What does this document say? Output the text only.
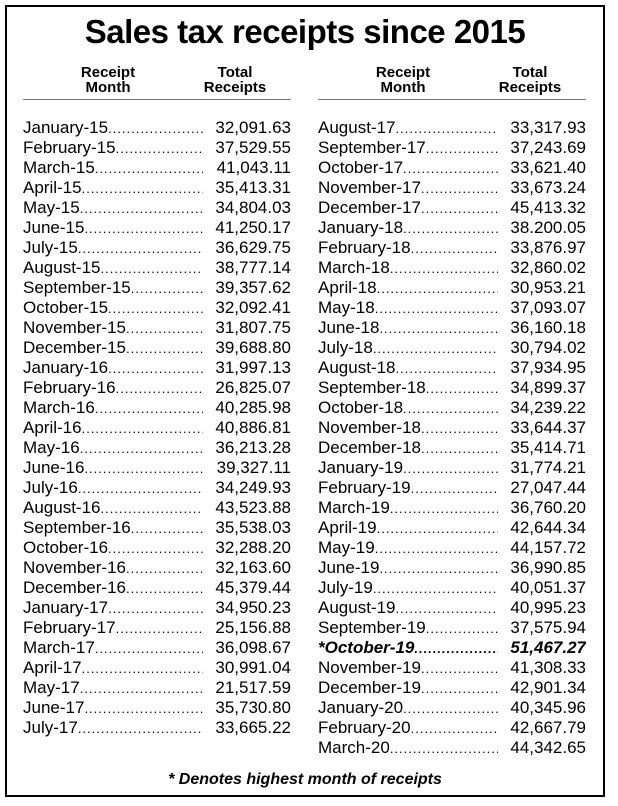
Sales tax receipts since 2015
Receipt
Month
Total
Receipts
January-15 .....	32,091.63
February-15 .....	37,529.55
March-15 .....	41,043.11
April-15 .....	35,413.31
May-15 .....	34,804.03
June-15 .....	41,250.17
July-15 .....	36,629.75
August-15 .....	38,777.14
September-15 .....	39,357.62
October-15 .....	32,092.41
November-15 .....	31,807.75
December-15 .....	39,688.80
January-16 .....	31,997.13
February-16 .....	26,825.07
March-16 .....	40,285.98
April-16 .....	40,886.81
May-16 .....	36,213.28
June-16 .....	39,327.11
July-16 .....	34,249.93
August-16 .....	43,523.88
September-16 .....	35,538.03
October-16 .....	32,288.20
November-16 .....	32,163.60
December-16 .....	45,379.44
January-17 .....	34,950.23
February-17 .....	25,156.88
March-17 .....	36,098.67
April-17 .....	30,991.04
May-17 .....	21,517.59
June-17 .....	35,730.80
July-17 .....	33,665.22
Receipt
Month
Total
Receipts
August-17 .....	33,317.93
September-17 .....	37,243.69
October-17 .....	33,621.40
November-17 .....	33,673.24
December-17 .....	45,413.32
January-18 .....	38.200.05
February-18 .....	33,876.97
March-18 .....	32,860.02
April-18 .....	30,953.21
May-18 .....	37,093.07
June-18 .....	36,160.18
July-18 .....	30,794.02
August-18 .....	37,934.95
September-18 .....	34,899.37
October-18 .....	34,239.22
November-18 .....	33,644.37
December-18 .....	35,414.71
January-19 .....	31,774.21
February-19 .....	27,047.44
March-19 .....	36,760.20
April-19 .....	42,644.34
May-19 .....	44,157.72
June-19 .....	36,990.85
July-19 .....	40,051.37
August-19 .....	40,995.23
September-19 .....	37,575.94
*October-19 .....	51,467.27
November-19 .....	41,308.33
December-19 .....	42,901.34
January-20 .....	40,345.96
February-20 .....	42,667.79
March-20 .....	44,342.65
* Denotes highest month of receipts
